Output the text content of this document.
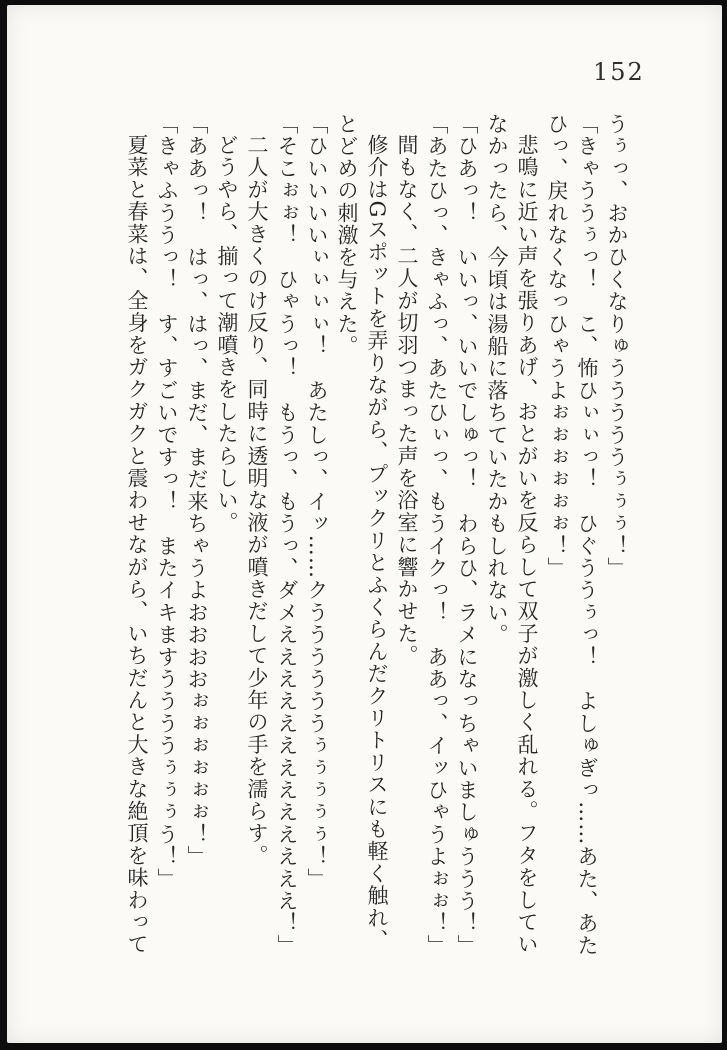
152
うぅっ、おかひくなりゅうううううぅぅぅ！」
「きゃううぅっ！　こ、怖ひぃぃっ！　ひぐううぅっ！　よしゅぎっ……あた、あた
ひっ、戻れなくなっひゃうよぉぉぉぉぉぉ！」
悲鳴に近い声を張りあげ、おとがいを反らして双子が激しく乱れる。フタをしてい
なかったら、今頃は湯船に落ちていたかもしれない。
「ひあっ！　いいっ、いいでしゅっ！　わらひ、ラメになっちゃいましゅううう！」
「あたひっ、きゃふっ、あたひぃっ、もうイクっ！　ああっ、イッひゃうよぉぉ！」
間もなく、二人が切羽つまった声を浴室に響かせた。
修介はGスポットを弄りながら、プックリとふくらんだクリトリスにも軽く触れ、
とどめの刺激を与えた。
「ひいいいいぃぃぃぃ！　あたしっ、イッ……クううううううぅぅぅぅぅ！」
「そこぉぉ！　ひゃうっ！　もうっ、もうっ、ダメえええええええええええええ！」
二人が大きくのけ反り、同時に透明な液が噴きだして少年の手を濡らす。
どうやら、揃って潮噴きをしたらしい。
「ああっ！　はっ、はっ、まだ、まだ来ちゃうよおおおおぉぉぉぉぉぉ！」
「きゃふううっ！　す、すごいですっ！　またイキますううううぅぅぅう！」
夏菜と春菜は、全身をガクガクと震わせながら、いちだんと大きな絶頂を味わって
